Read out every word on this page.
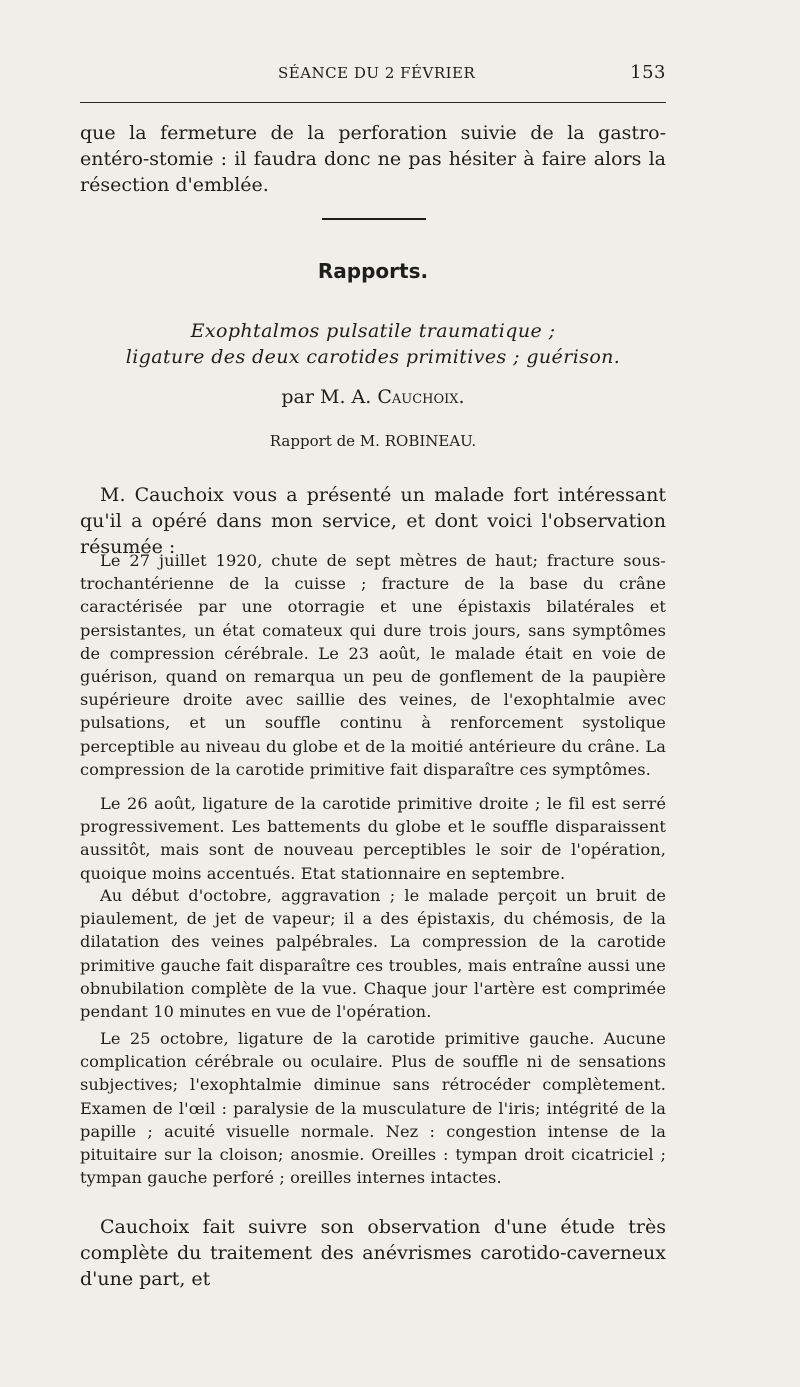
SÉANCE DU 2 FÉVRIER	153
que la fermeture de la perforation suivie de la gastro-entéro-stomie : il faudra donc ne pas hésiter à faire alors la résection d'emblée.
Rapports.
Exophtalmos pulsatile traumatique ;
ligature des deux carotides primitives ; guérison.
par M. A. Cauchoix.
Rapport de M. ROBINEAU.
M. Cauchoix vous a présenté un malade fort intéressant qu'il a opéré dans mon service, et dont voici l'observation résumée :
Le 27 juillet 1920, chute de sept mètres de haut; fracture sous-trochantérienne de la cuisse ; fracture de la base du crâne caractérisée par une otorragie et une épistaxis bilatérales et persistantes, un état comateux qui dure trois jours, sans symptômes de compression cérébrale. Le 23 août, le malade était en voie de guérison, quand on remarqua un peu de gonflement de la paupière supérieure droite avec saillie des veines, de l'exophtalmie avec pulsations, et un souffle continu à renforcement systolique perceptible au niveau du globe et de la moitié antérieure du crâne. La compression de la carotide primitive fait disparaître ces symptômes.
Le 26 août, ligature de la carotide primitive droite ; le fil est serré progressivement. Les battements du globe et le souffle disparaissent aussitôt, mais sont de nouveau perceptibles le soir de l'opération, quoique moins accentués. Etat stationnaire en septembre.
Au début d'octobre, aggravation ; le malade perçoit un bruit de piaulement, de jet de vapeur; il a des épistaxis, du chémosis, de la dilatation des veines palpébrales. La compression de la carotide primitive gauche fait disparaître ces troubles, mais entraîne aussi une obnubilation complète de la vue. Chaque jour l'artère est comprimée pendant 10 minutes en vue de l'opération.
Le 25 octobre, ligature de la carotide primitive gauche. Aucune complication cérébrale ou oculaire. Plus de souffle ni de sensations subjectives; l'exophtalmie diminue sans rétrocéder complètement. Examen de l'œil : paralysie de la musculature de l'iris; intégrité de la papille ; acuité visuelle normale. Nez : congestion intense de la pituitaire sur la cloison; anosmie. Oreilles : tympan droit cicatriciel ; tympan gauche perforé ; oreilles internes intactes.
Cauchoix fait suivre son observation d'une étude très complète du traitement des anévrismes carotido-caverneux d'une part, et
